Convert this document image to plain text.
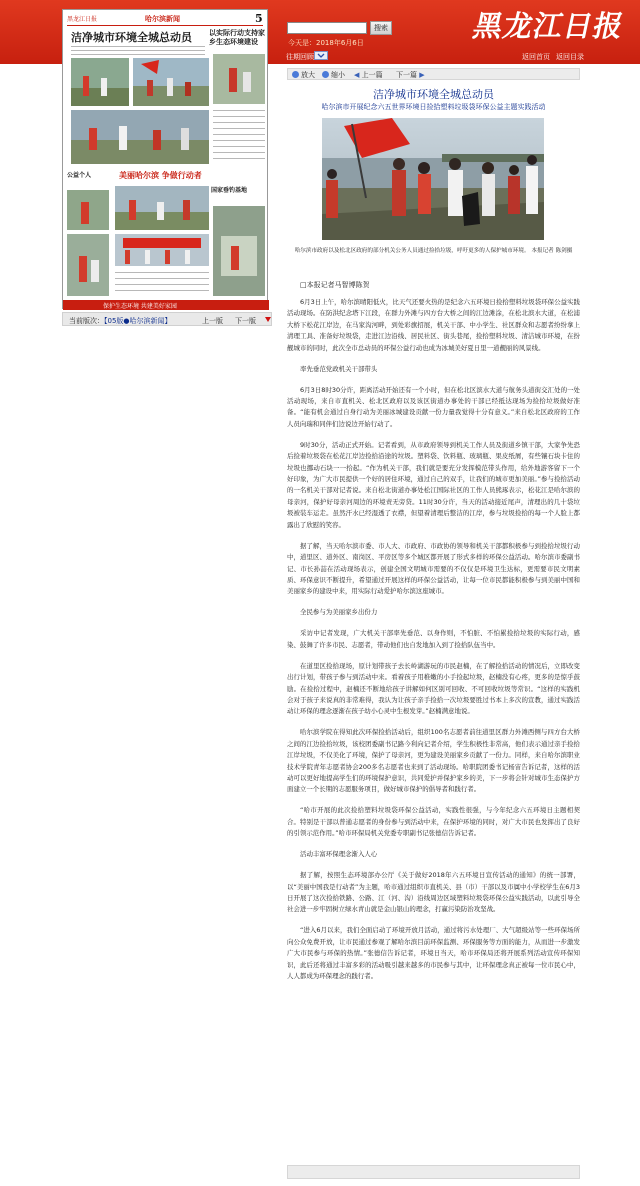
搜索
今天是：2018年6月6日	黑龙江日报
往期回顾	返回首页 返回目录
黑龙江日报	哈尔滨新闻	5
洁净城市环境全城总动员	以实际行动支持家乡生态环境建设
美丽哈尔滨 争做行动者
公益个人
国家垂钓基地
保护生态环境 共建美好家园
当前版次：【05版●哈尔滨新闻】	上一版 下一版
放大	缩小 ◀ 上一篇 下一篇 ▶
洁净城市环境全城总动员
哈尔滨市开展纪念六五世界环境日捡拾塑料垃圾袋环保公益主题实践活动
哈尔滨市政府以及松北区政府的部分机关公务人员通过捡拾垃圾，呼吁更多的人保护城市环境。 本报记者 陈剑摄
□本报记者马智博陈贺

6月3日上午，哈尔滨晴阳低火，比天气还要火热的是纪念六五环境日捡拾塑料垃圾袋环保公益实践活动现场。在防洪纪念塔下江段，在群力外滩与四方台大桥之间的江边滩涂，在松北滨水大道，在松浦大桥下松花江岸边，在马家沟河畔，到处彩旗招展，机关干部、中小学生、社区群众和志愿者纷纷拿上清理工具、准备好垃圾袋，走进江边沿线、居民社区、街头巷尾，捡拾塑料垃圾、清洁城市环境，在扮靓城市的同时，此次全市总动员的环保公益行动也成为冰城美好夏日里一道靓丽的风景线。

率先垂范党政机关干部带头

6月3日8时30分许，距离活动开始还有一个小时，但在松北区滨水大道与航务头道街交汇处的一处活动现场，来自市直机关、松北区政府以及该区街道办事处的干部已经抵达现场为捡拾垃圾做好准备。“能有机会通过自身行动为美丽冰城建设贡献一份力量我觉得十分有意义。”来自松北区政府的工作人员向瑞和同伴们边说边开始行动了。

9时30分，活动正式开始。记者看到，从市政府领导到机关工作人员及街道乡镇干部，大家争先恐后捡着垃圾袋在松花江岸边捡拾沿途的垃圾。塑料袋、饮料瓶、玻璃瓶、果皮纸屑，有些镶石块卡住的垃圾也挪动石块一一拾起。“作为机关干部，我们就是要充分发挥模范带头作用，给外地游客留下一个好印象，为广大市民提供一个好的居住环境，通过自己的双手，让我们的城市更加美丽。”参与捡拾活动的一名机关干部对记者说。来自松北街道办事处松江国际社区的工作人员熊琢表示，松花江是哈尔滨的母亲河，保护好母亲河周边的环境责无旁贷。11时30分许，当天的活动接近尾声，清理出的几十袋垃圾被装车运走。虽然汗水已经湿透了衣襟，但望着清理后整洁的江岸，参与垃圾捡拾的每一个人脸上都露出了欣慰的笑容。

据了解，当天哈尔滨市委、市人大、市政府、市政协的领导和机关干部都积极参与到捡拾垃圾行动中，道里区、道外区、南岗区、平房区等多个城区都开展了形式多样的环保公益活动。哈尔滨市委副书记、市长孙喆在活动现场表示，创建全国文明城市需要的不仅仅是环境卫生达标，更需要市民文明素质、环保意识不断提升，希望通过开展这样的环保公益活动，让每一位市民都能积极参与到美丽中国和美丽家乡的建设中来，用实际行动爱护哈尔滨这座城市。

全民参与为美丽家乡出份力

采访中记者发现，广大机关干部率先垂范、以身作则，不怕脏、不怕累捡拾垃圾的实际行动，感染、鼓舞了许多市民、志愿者，带动他们也自发地加入到了捡拾队伍当中。

在道里区捡拾现场，原计划带孩子去长岭湖游玩的市民赵楠，在了解捡拾活动的情况后，立即改变出行计划，带孩子参与到活动中来。看着孩子用稚嫩的小手捡起垃圾，赵楠没有心疼，更多的是惊乎鼓励。在捡拾过程中，赵楠还不断地给孩子讲解如何区别可回收、不可回收垃圾等常识。“这样的实践机会对于孩子来说真的非常难得，我认为让孩子亲手捡拾一次垃圾要胜过书本上多次的宣教，通过实践活动让环保的理念逐渐在孩子幼小心灵中生根发芽。”赵楠满意地说。

哈尔滨学院在得知此次环保捡拾活动后，组织100名志愿者前往道里区群力外滩西侧与四方台大桥之间的江边捡拾垃圾，该校团委副书记路今利向记者介绍，学生积极性非常高，他们表示通过亲手捡拾江岸垃圾，不仅美化了环境，保护了母亲河，更为建设美丽家乡贡献了一份力。同样，来自哈尔滨职业技术学院青年志愿者协会200多名志愿者也来到了活动现场。哈职院团委书记杨宙告诉记者，这样的活动可以更好地提高学生们的环境保护意识，共同爱护并保护家乡的美，下一步将会针对城市生态保护方面建立一个长期的志愿服务项目，做好城市保护的倡导者和践行者。

“哈市开展的此次捡拾塑料垃圾袋环保公益活动，实践性很强，与今年纪念六五环境日主题相契合。特别是干部以普通志愿者的身份参与到活动中来，在保护环境的同时，对广大市民也发挥出了良好的引领示范作用。”哈市环保局机关党委专职副书记张德信告诉记者。

活动丰富环保理念渐入人心

据了解，按照生态环境部办公厅《关于做好2018年六五环境日宣传活动的通知》的统一部署，以“美丽中国我是行动者”为主题，哈市通过组织市直机关、县（市）干部以及市属中小学校学生在6月3日开展了这次捡拾铁路、公路、江（河、沟）沿线周边区域塑料垃圾袋环保公益实践活动，以此引导全社会进一步牢固树立绿水青山就是金山银山的理念，打赢污染防治攻坚战。

“进入6月以来，我们全面启动了环境开放月活动，通过将污水处理厂、大气超级站等一些环保场所向公众免费开放，让市民通过参观了解哈尔滨目前环保监测、环保服务等方面的能力，从而进一步激发广大市民参与环保的热情。”张德信告诉记者，环境日当天，哈市环保局还将开展系列活动宣传环保知识，此后还将通过丰富多彩的活动吸引越来越多的市民参与其中，让环保理念真正被每一位市民心中，人人都成为环保理念的践行者。
